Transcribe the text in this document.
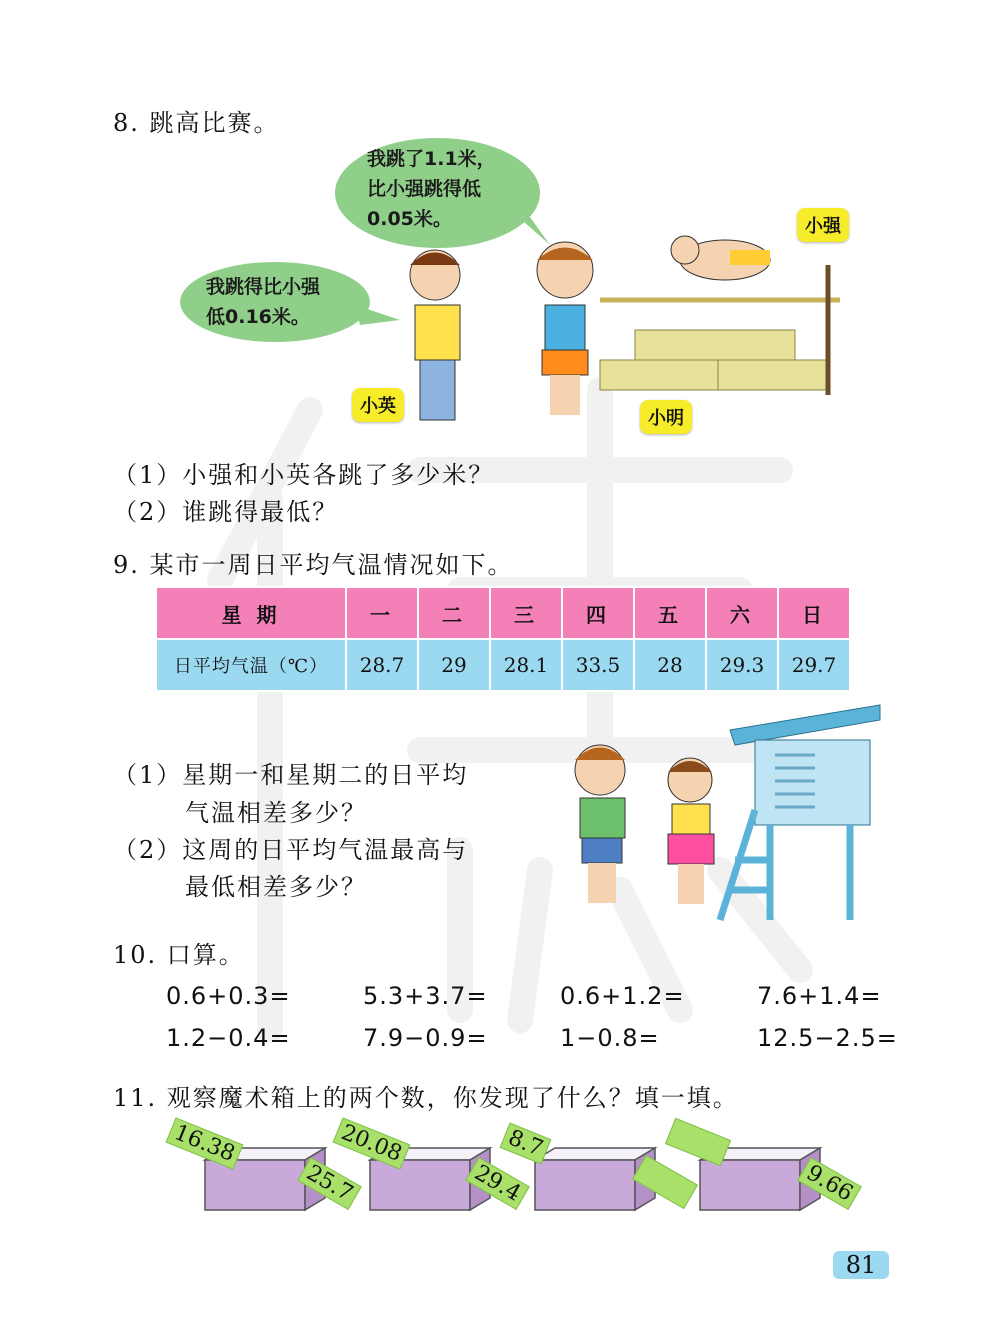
8. 跳高比赛。
我跳了1.1米，
比小强跳得低
0.05米。
我跳得比小强
低0.16米。
小强
小英
小明
（1）小强和小英各跳了多少米？
（2）谁跳得最低？
9. 某市一周日平均气温情况如下。
星 期	一	二	三	四	五	六	日
日平均气温（℃）	28.7	29	28.1	33.5	28	29.3	29.7
（1）星期一和星期二的日平均
气温相差多少？
（2）这周的日平均气温最高与
最低相差多少？
10. 口算。
0.6+0.3=	5.3+3.7=	0.6+1.2=	7.6+1.4=
1.2−0.4=	7.9−0.9=	1−0.8=	12.5−2.5=
11. 观察魔术箱上的两个数，你发现了什么？填一填。
16.38
25.7
20.08
29.4
8.7
9.66
81
